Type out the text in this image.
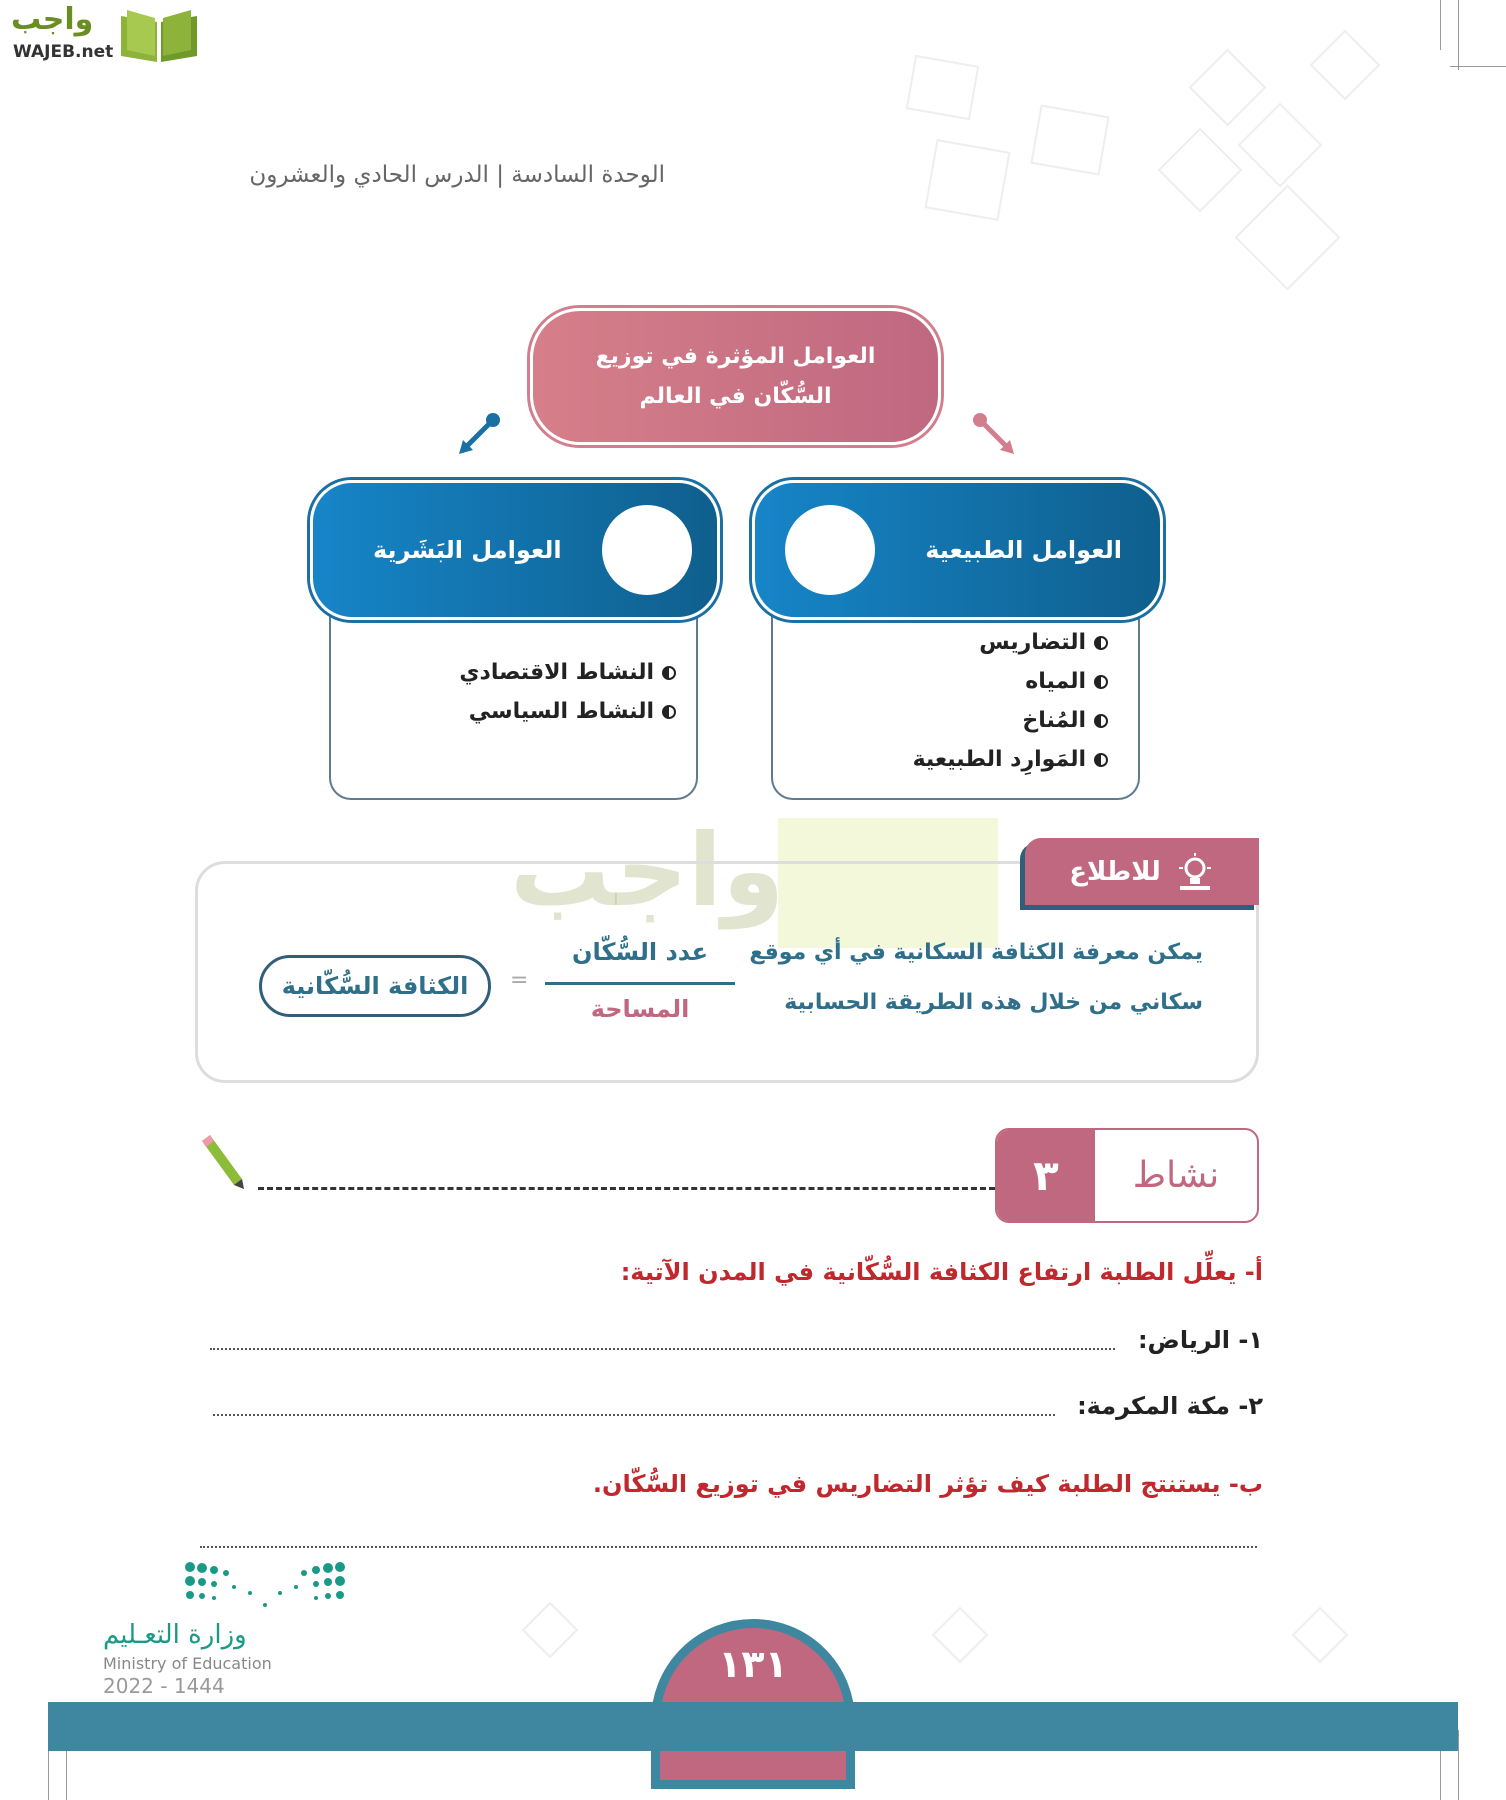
واجب
WAJEB.net
الوحدة السادسة | الدرس الحادي والعشرون
العوامل المؤثرة في توزيع
السُّكّان في العالم
النشاط الاقتصادي
النشاط السياسي
التضاريس
المياه
المُناخ
المَوارِد الطبيعية
العوامل البَشَرية	العوامل الطبيعية
واجب	للاطلاع
يمكن معرفة الكثافة السكانية في أي موقع
سكاني من خلال هذه الطريقة الحسابية
عدد السُّكّان
المساحة
=
الكثافة السُّكّانية
٣	نشاط
أ- يعلِّل الطلبة ارتفاع الكثافة السُّكّانية في المدن الآتية:
١- الرياض:
٢- مكة المكرمة:
ب- يستنتج الطلبة كيف تؤثر التضاريس في توزيع السُّكّان.
وزارة التعـليم
Ministry of Education
2022 - 1444	١٣١
